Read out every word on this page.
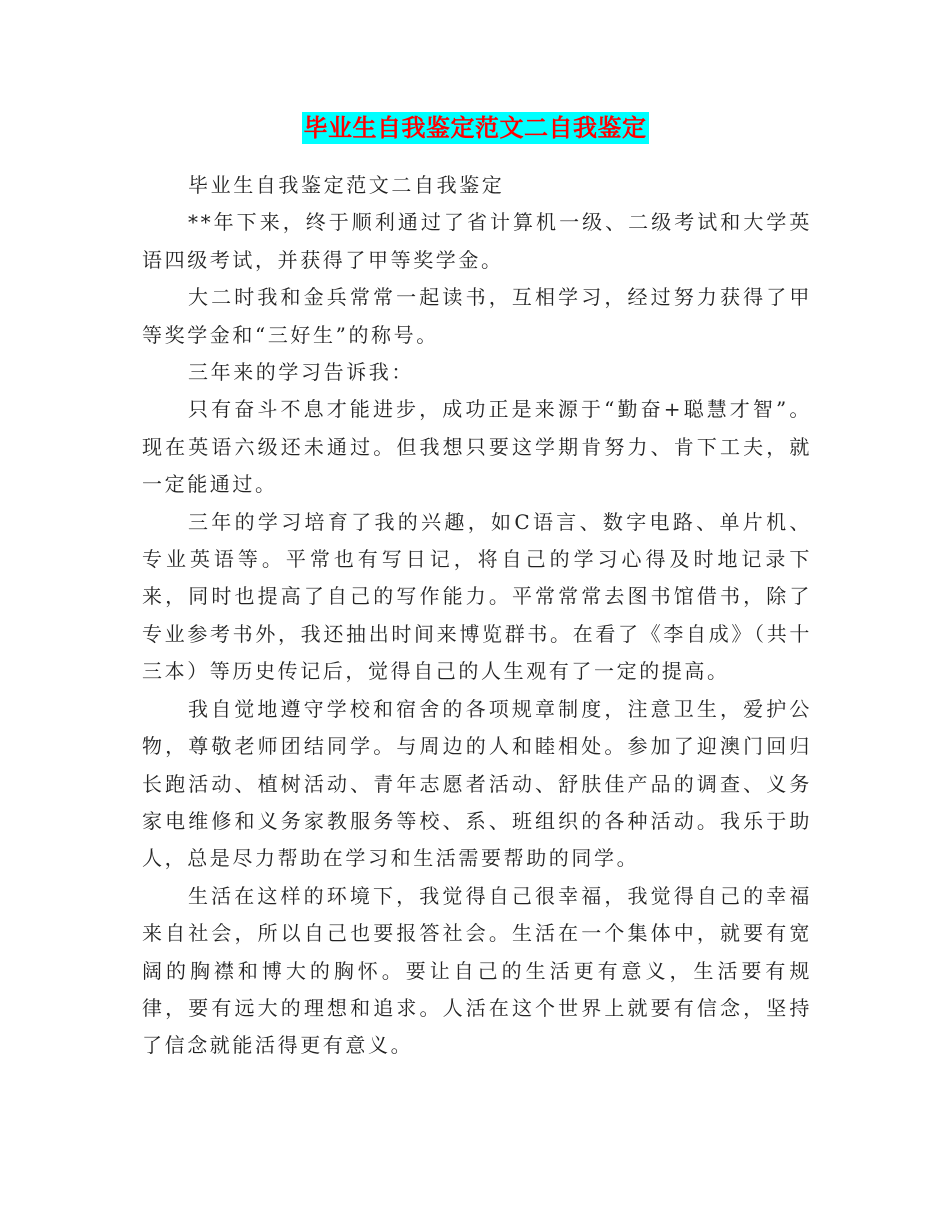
毕业生自我鉴定范文二自我鉴定

毕业生自我鉴定范文二自我鉴定

**年下来，终于顺利通过了省计算机一级、二级考试和大学英语四级考试，并获得了甲等奖学金。

大二时我和金兵常常一起读书，互相学习，经过努力获得了甲等奖学金和“三好生”的称号。

三年来的学习告诉我：

只有奋斗不息才能进步，成功正是来源于“勤奋+聪慧才智”。现在英语六级还未通过。但我想只要这学期肯努力、肯下工夫，就一定能通过。

三年的学习培育了我的兴趣，如C语言、数字电路、单片机、专业英语等。平常也有写日记，将自己的学习心得及时地记录下来，同时也提高了自己的写作能力。平常常常去图书馆借书，除了专业参考书外，我还抽出时间来博览群书。在看了《李自成》（共十三本）等历史传记后，觉得自己的人生观有了一定的提高。

我自觉地遵守学校和宿舍的各项规章制度，注意卫生，爱护公物，尊敬老师团结同学。与周边的人和睦相处。参加了迎澳门回归长跑活动、植树活动、青年志愿者活动、舒肤佳产品的调查、义务家电维修和义务家教服务等校、系、班组织的各种活动。我乐于助人，总是尽力帮助在学习和生活需要帮助的同学。

生活在这样的环境下，我觉得自己很幸福，我觉得自己的幸福来自社会，所以自己也要报答社会。生活在一个集体中，就要有宽阔的胸襟和博大的胸怀。要让自己的生活更有意义，生活要有规律，要有远大的理想和追求。人活在这个世界上就要有信念，坚持了信念就能活得更有意义。
